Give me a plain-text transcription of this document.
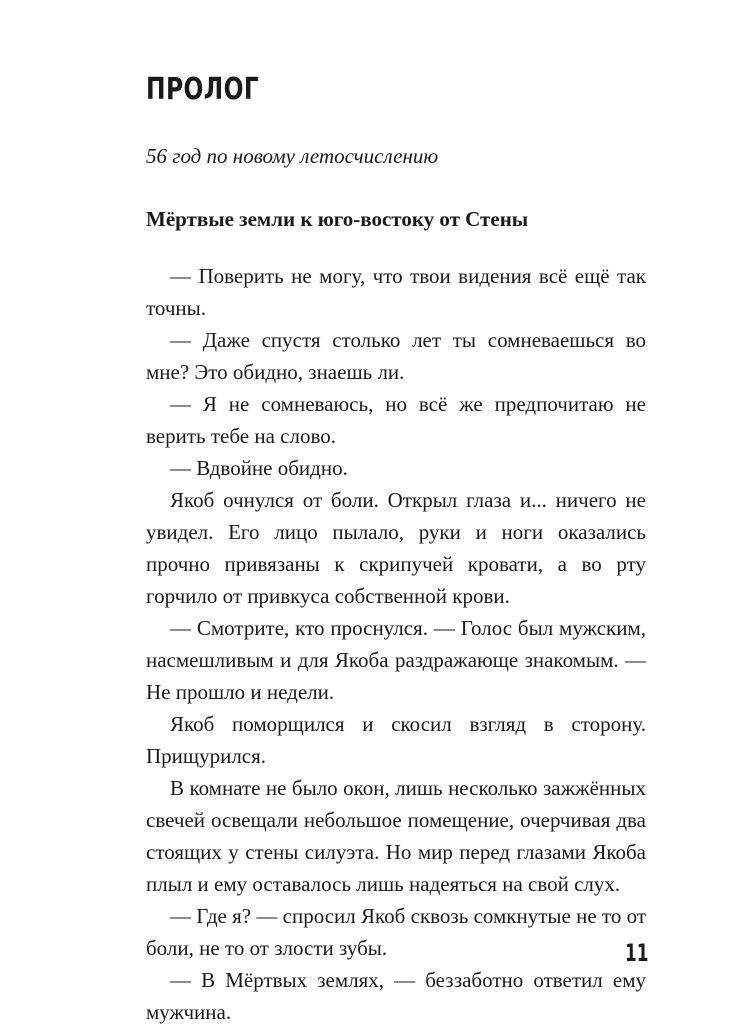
ПРОЛОГ

56 год по новому летосчислению

Мёртвые земли к юго-востоку от Стены

— Поверить не могу, что твои видения всё ещё так точны.

— Даже спустя столько лет ты сомневаешься во мне? Это обидно, знаешь ли.

— Я не сомневаюсь, но всё же предпочитаю не верить тебе на слово.

— Вдвойне обидно.

Якоб очнулся от боли. Открыл глаза и... ничего не увидел. Его лицо пылало, руки и ноги оказались прочно привязаны к скрипучей кровати, а во рту горчило от привкуса собственной крови.

— Смотрите, кто проснулся. — Голос был мужским, насмешливым и для Якоба раздражающе знакомым. — Не прошло и недели.

Якоб поморщился и скосил взгляд в сторону. Прищурился.

В комнате не было окон, лишь несколько зажжённых свечей освещали небольшое помещение, очерчивая два стоящих у стены силуэта. Но мир перед глазами Якоба плыл и ему оставалось лишь надеяться на свой слух.

— Где я? — спросил Якоб сквозь сомкнутые не то от боли, не то от злости зубы.

— В Мёртвых землях, — беззаботно ответил ему мужчина.

11
